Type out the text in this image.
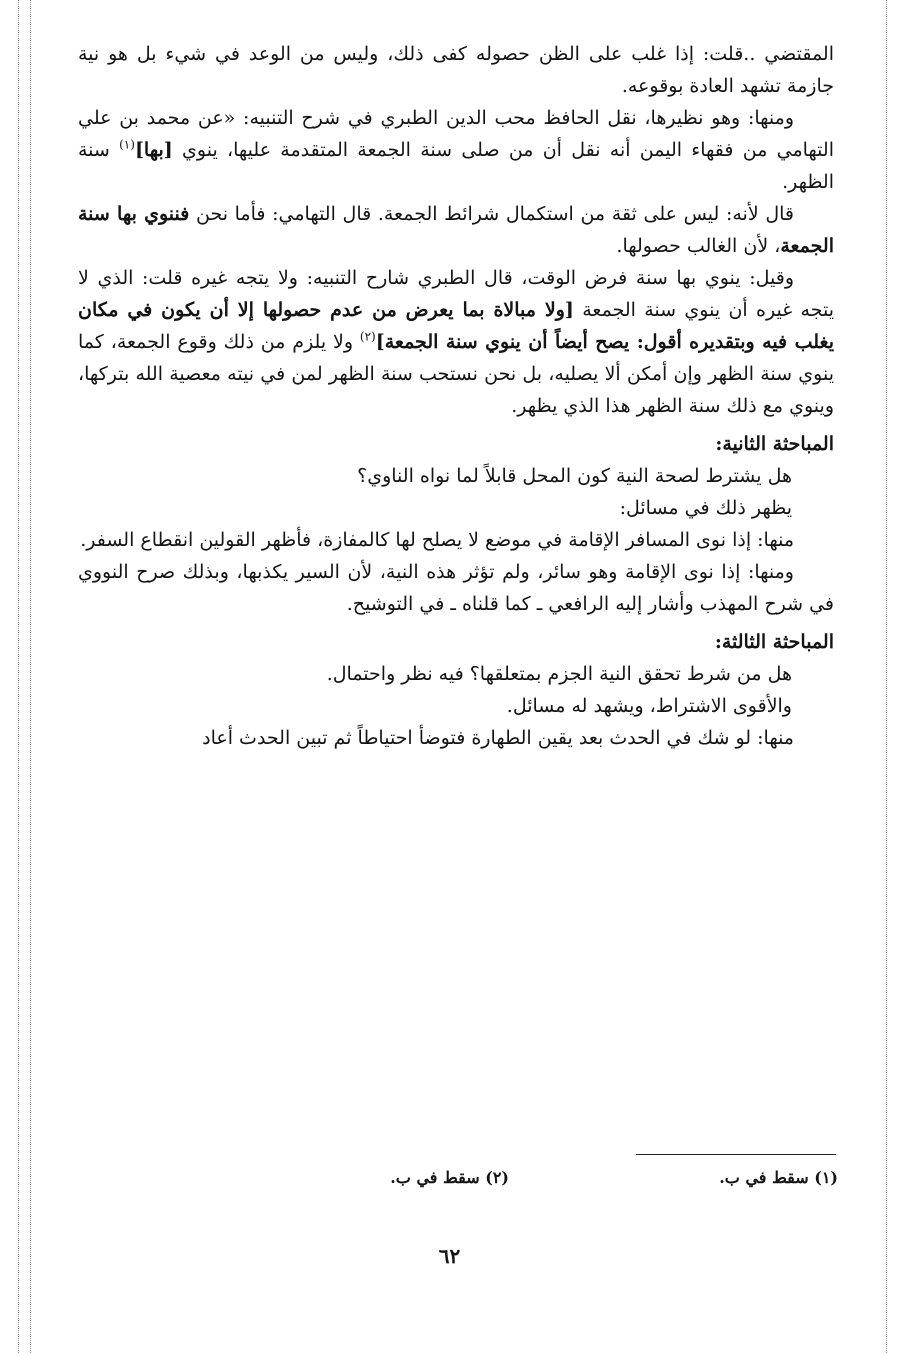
المقتضي ..قلت: إذا غلب على الظن حصوله كفى ذلك، وليس من الوعد في شيء بل هو نية جازمة تشهد العادة بوقوعه.

ومنها: وهو نظيرها، نقل الحافظ محب الدين الطبري في شرح التنبيه: «عن محمد بن علي التهامي من فقهاء اليمن أنه نقل أن من صلى سنة الجمعة المتقدمة عليها، ينوي [بها]$^{(١)}$ سنة الظهر.

قال لأنه: ليس على ثقة من استكمال شرائط الجمعة. قال التهامي: فأما نحن فننوي بها سنة الجمعة، لأن الغالب حصولها.

وقيل: ينوي بها سنة فرض الوقت، قال الطبري شارح التنبيه: ولا يتجه غيره قلت: الذي لا يتجه غيره أن ينوي سنة الجمعة [ولا مبالاة بما يعرض من عدم حصولها إلا أن يكون في مكان يغلب فيه وبتقديره أقول: يصح أيضاً أن ينوي سنة الجمعة]$^{(٢)}$ ولا يلزم من ذلك وقوع الجمعة، كما ينوي سنة الظهر وإن أمكن ألا يصليه، بل نحن نستحب سنة الظهر لمن في نيته معصية الله بتركها، وينوي مع ذلك سنة الظهر هذا الذي يظهر.

المباحثة الثانية:

هل يشترط لصحة النية كون المحل قابلاً لما نواه الناوي؟

يظهر ذلك في مسائل:

منها: إذا نوى المسافر الإقامة في موضع لا يصلح لها كالمفازة، فأظهر القولين انقطاع السفر.

ومنها: إذا نوى الإقامة وهو سائر، ولم تؤثر هذه النية، لأن السير يكذبها، وبذلك صرح النووي في شرح المهذب وأشار إليه الرافعي ـ كما قلناه ـ في التوشيح.

المباحثة الثالثة:

هل من شرط تحقق النية الجزم بمتعلقها؟ فيه نظر واحتمال.

والأقوى الاشتراط، ويشهد له مسائل.

منها: لو شك في الحدث بعد يقين الطهارة فتوضأ احتياطاً ثم تبين الحدث أعاد

(١) سقط في ب.
(٢) سقط في ب.
٦٢
